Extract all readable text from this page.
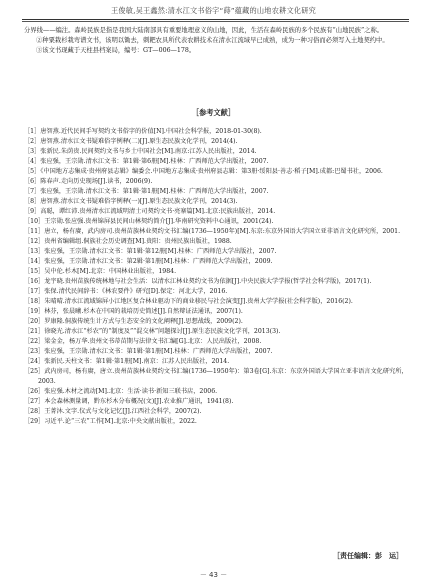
王俊敏,吴王鑫然:清水江文书俗字“蒔”蕴藏的山地农耕文化研究

分界线——编注。森岭民族是指是我国大陆南部具有重要地理意义的山地，因此，生活在森岭民族的多个民族有“山地民族”之称。

②种粟栽杉栽弯谱文书，该明以锄去，刺耙农具所代表农耕技术在清水江流域早已成熟，成为一种习俗而必须写入土地契约中。

③该文书现藏于天柱县档案局，编号：GT—006—178。

［参考文献］
［1］唐智燕.近代民间手写契约文书俗字的价值[N].中国社会科学报，2018-01-30(8).
［2］唐智燕.清水江文书疑难俗字例释(二)[J].原生态民族文化学刊，2014(4).
［3］张新民.朱荫贵.民间契约文书与乡土中国社会[M].南京:江苏人民出版社，2014.
［4］张应强，王宗勋.清水江文书：第1辑·第6册[M].桂林：广西师范大学出版社，2007.
［5］《中国地方志集成·贵州府县志辑》编委会.中国地方志集成·贵州府县志辑：第3册·绥阳县·善志·稻子[M].成都:巴蜀书社，2006.
［6］陈春声.走向历史现场[J].读书，2006(9).
［7］张应强，王宗勋.清水江文书：第1辑·第1册[M].桂林：广西师范大学出版社，2007.
［8］唐智燕.清水江文书疑难俗字例释(一)[J].原生态民族文化学刊，2014(3).
［9］高聪，谭红沛.贵州清水江流域明清土司契约文书·亮寨篇[M].北京:民族出版社，2014.
［10］王宗勋.张应强.贵州锦屏县民间山林契约简介[J].华南研究资料中心通讯，2001(24).
［11］唐立，杨有赓，武内房司.贵州苗族林业契约文书汇编(1736—1950年)[M].东京:东京外国语大学国立亚非语言文化研究所，2001.
［12］贵州省编辑组.侗族社会历史调查[M].贵阳：贵州民族出版社，1988.
［13］张应强，王宗勋.清水江文书：第1辑·第12册[M].桂林：广西师范大学出版社，2007.
［14］张应强，王宗勋.清水江文书：第2辑·第1册[M].桂林：广西师范大学出版社，2009.
［15］吴中伦.杉木[M].北京：中国林业出版社，1984.
［16］龙宇晓.贵州苗族传统林地与社会生活：以清水江林业契约文书为依据[J].中央民族大学学报(哲学社会科学版)，2017(1).
［17］张保.清代民间辞书：《林农要件》研究[D].保定：河北大学，2016.
［18］朱晴晴.清水江流域锦屏小江地区复合林业驱动下的商业移民与社会演变[J].贵州大学学报(社会科学版)，2016(2).
［19］林芬，张晨曦.杉木在中国的栽培历史简述[J].自然辩证法通讯，2007(1).
［20］罗康隆.侗族传统生计方式与生态安全的文化阐释[J].思想战线，2009(2).
［21］徐晓光.清水江“杉农”的“制度及”“混交林”问题探讨[J].原生态民族文化学刊，2013(3).
［22］梁金金，杨万华.贵州文书蒂苗期与法律文书汇编[G].北京：人民出版社，2008.
［23］张应强，王宗勋.清水江文书：第1辑·第1册[M].桂林：广西师范大学出版社，2007.
［24］张新民.天柱文书：第1辑·第1册[M].南京：江苏人民出版社，2014.
［25］武内房司，杨有赓，唐立.贵州苗族林业契约文书汇编(1736—1950年)：第3卷[G].东京：东京外国语大学国立亚非语言文化研究所，2003.
［26］张应强.木材之流动[M].北京：生活·读书·新知三联书店，2006.
［27］本会森林测量调，黔东杉木分布概况(文)[J].农业推广通讯，1941(8).
［28］王菁沐.文字.仪式与文化记忆[J].江西社会科学，2007(2).
［29］习近平.论“三农”工作[M].北京:中央文献出版社，2022.
［责任编辑：彭　运］
－ 43 －
